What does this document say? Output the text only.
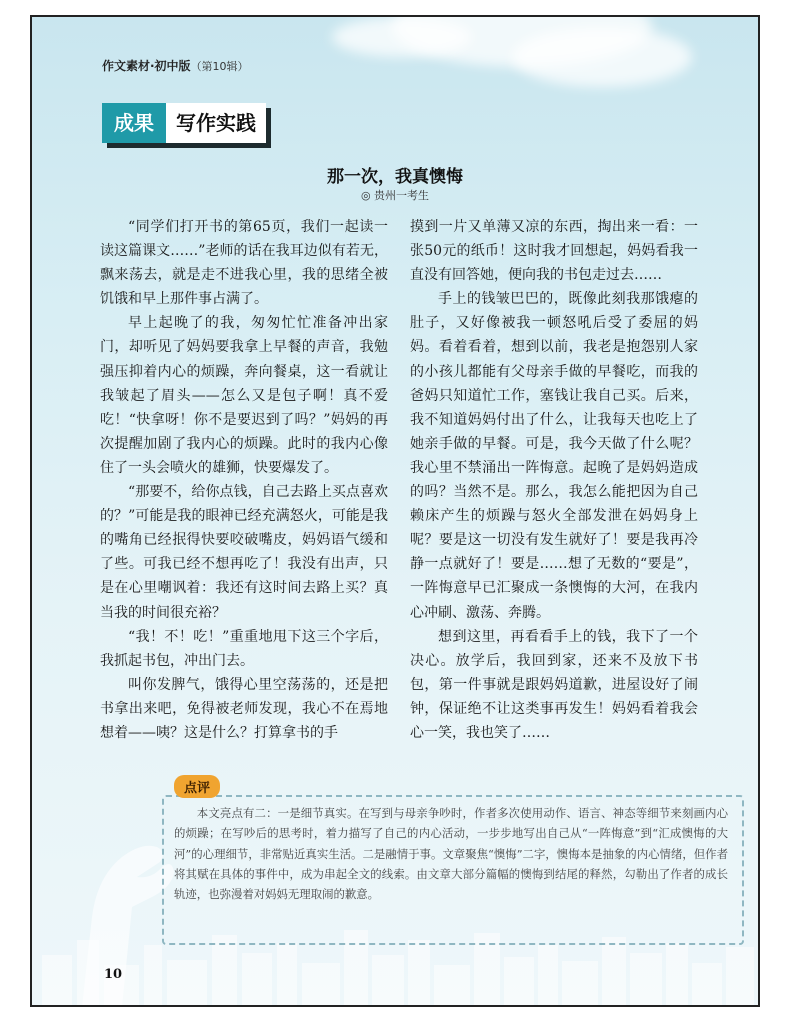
作文素材·初中版（第10辑）
成果	写作实践
那一次，我真懊悔
◎ 贵州一考生

“同学们打开书的第65页，我们一起读一读这篇课文……”老师的话在我耳边似有若无，飘来荡去，就是走不进我心里，我的思绪全被饥饿和早上那件事占满了。

早上起晚了的我，匆匆忙忙准备冲出家门，却听见了妈妈要我拿上早餐的声音，我勉强压抑着内心的烦躁，奔向餐桌，这一看就让我皱起了眉头——怎么又是包子啊！真不爱吃！“快拿呀！你不是要迟到了吗？”妈妈的再次提醒加剧了我内心的烦躁。此时的我内心像住了一头会喷火的雄狮，快要爆发了。

“那要不，给你点钱，自己去路上买点喜欢的？”可能是我的眼神已经充满怒火，可能是我的嘴角已经抿得快要咬破嘴皮，妈妈语气缓和了些。可我已经不想再吃了！我没有出声，只是在心里嘲讽着：我还有这时间去路上买？真当我的时间很充裕？

“我！不！吃！”重重地甩下这三个字后，我抓起书包，冲出门去。

叫你发脾气，饿得心里空荡荡的，还是把书拿出来吧，免得被老师发现，我心不在焉地想着——咦？这是什么？打算拿书的手

摸到一片又单薄又凉的东西，掏出来一看：一张50元的纸币！这时我才回想起，妈妈看我一直没有回答她，便向我的书包走过去……

手上的钱皱巴巴的，既像此刻我那饿瘪的肚子，又好像被我一顿怒吼后受了委屈的妈妈。看着看着，想到以前，我老是抱怨别人家的小孩儿都能有父母亲手做的早餐吃，而我的爸妈只知道忙工作，塞钱让我自己买。后来，我不知道妈妈付出了什么，让我每天也吃上了她亲手做的早餐。可是，我今天做了什么呢？我心里不禁涌出一阵悔意。起晚了是妈妈造成的吗？当然不是。那么，我怎么能把因为自己赖床产生的烦躁与怒火全部发泄在妈妈身上呢？要是这一切没有发生就好了！要是我再冷静一点就好了！要是……想了无数的“要是”，一阵悔意早已汇聚成一条懊悔的大河，在我内心冲刷、激荡、奔腾。

想到这里，再看看手上的钱，我下了一个决心。放学后，我回到家，还来不及放下书包，第一件事就是跟妈妈道歉，进屋设好了闹钟，保证绝不让这类事再发生！妈妈看着我会心一笑，我也笑了……

点评

本文亮点有二：一是细节真实。在写到与母亲争吵时，作者多次使用动作、语言、神态等细节来刻画内心的烦躁；在写吵后的思考时，着力描写了自己的内心活动，一步步地写出自己从“一阵悔意”到“汇成懊悔的大河”的心理细节，非常贴近真实生活。二是融情于事。文章聚焦“懊悔”二字，懊悔本是抽象的内心情绪，但作者将其赋在具体的事件中，成为串起全文的线索。由文章大部分篇幅的懊悔到结尾的释然，勾勒出了作者的成长轨迹，也弥漫着对妈妈无理取闹的歉意。

10
